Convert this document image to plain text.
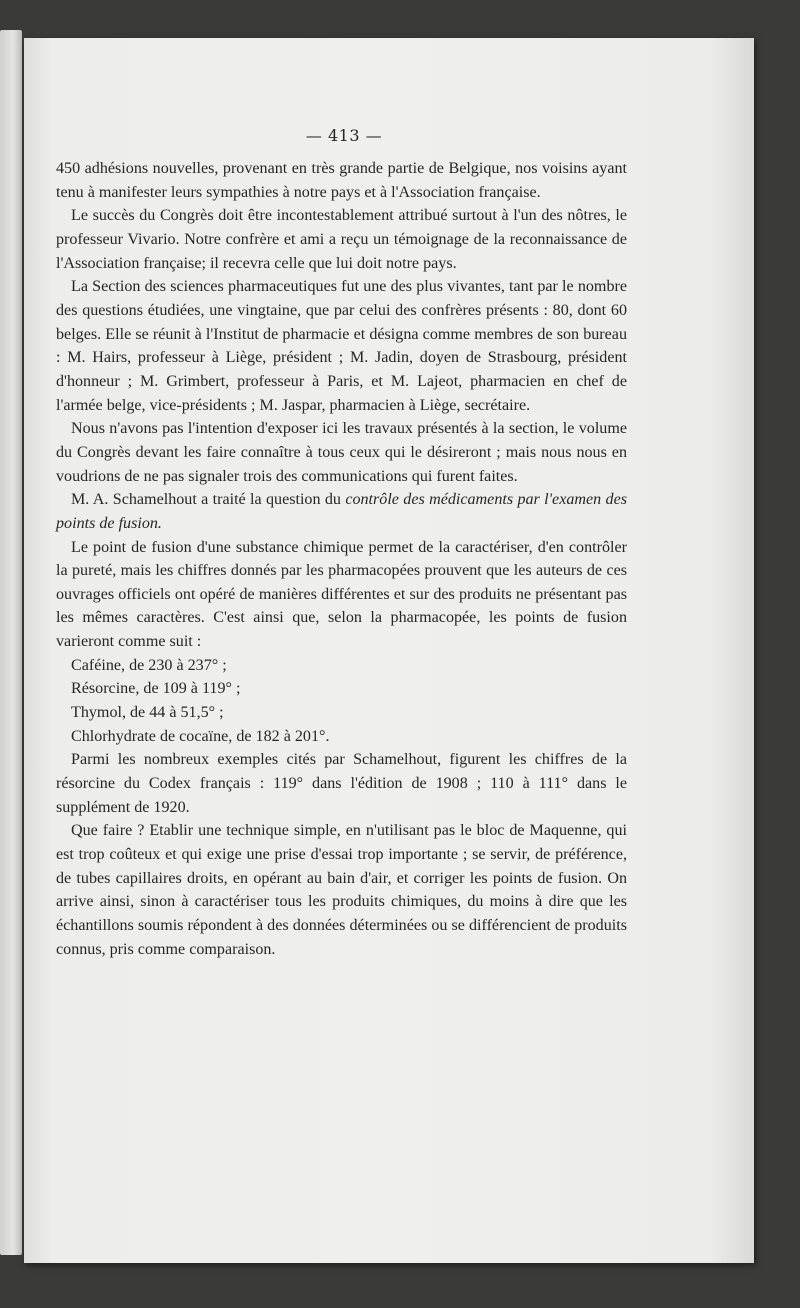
— 413 —

450 adhésions nouvelles, provenant en très grande partie de Belgique, nos voisins ayant tenu à manifester leurs sympathies à notre pays et à l'Association française.

Le succès du Congrès doit être incontestablement attribué surtout à l'un des nôtres, le professeur Vivario. Notre confrère et ami a reçu un témoignage de la reconnaissance de l'Association française; il recevra celle que lui doit notre pays.

La Section des sciences pharmaceutiques fut une des plus vivantes, tant par le nombre des questions étudiées, une vingtaine, que par celui des confrères présents : 80, dont 60 belges. Elle se réunit à l'Institut de pharmacie et désigna comme membres de son bureau : M. Hairs, professeur à Liège, président ; M. Jadin, doyen de Strasbourg, président d'honneur ; M. Grimbert, professeur à Paris, et M. Lajeot, pharmacien en chef de l'armée belge, vice-présidents ; M. Jaspar, pharmacien à Liège, secrétaire.

Nous n'avons pas l'intention d'exposer ici les travaux présentés à la section, le volume du Congrès devant les faire connaître à tous ceux qui le désireront ; mais nous nous en voudrions de ne pas signaler trois des communications qui furent faites.

M. A. Schamelhout a traité la question du contrôle des médicaments par l'examen des points de fusion.

Le point de fusion d'une substance chimique permet de la caractériser, d'en contrôler la pureté, mais les chiffres donnés par les pharmacopées prouvent que les auteurs de ces ouvrages officiels ont opéré de manières différentes et sur des produits ne présentant pas les mêmes caractères. C'est ainsi que, selon la pharmacopée, les points de fusion varieront comme suit :

Caféine, de 230 à 237° ;

Résorcine, de 109 à 119° ;

Thymol, de 44 à 51,5° ;

Chlorhydrate de cocaïne, de 182 à 201°.

Parmi les nombreux exemples cités par Schamelhout, figurent les chiffres de la résorcine du Codex français : 119° dans l'édition de 1908 ; 110 à 111° dans le supplément de 1920.

Que faire ? Etablir une technique simple, en n'utilisant pas le bloc de Maquenne, qui est trop coûteux et qui exige une prise d'essai trop importante ; se servir, de préférence, de tubes capillaires droits, en opérant au bain d'air, et corriger les points de fusion. On arrive ainsi, sinon à caractériser tous les produits chimiques, du moins à dire que les échantillons soumis répondent à des données déterminées ou se différencient de produits connus, pris comme comparaison.
